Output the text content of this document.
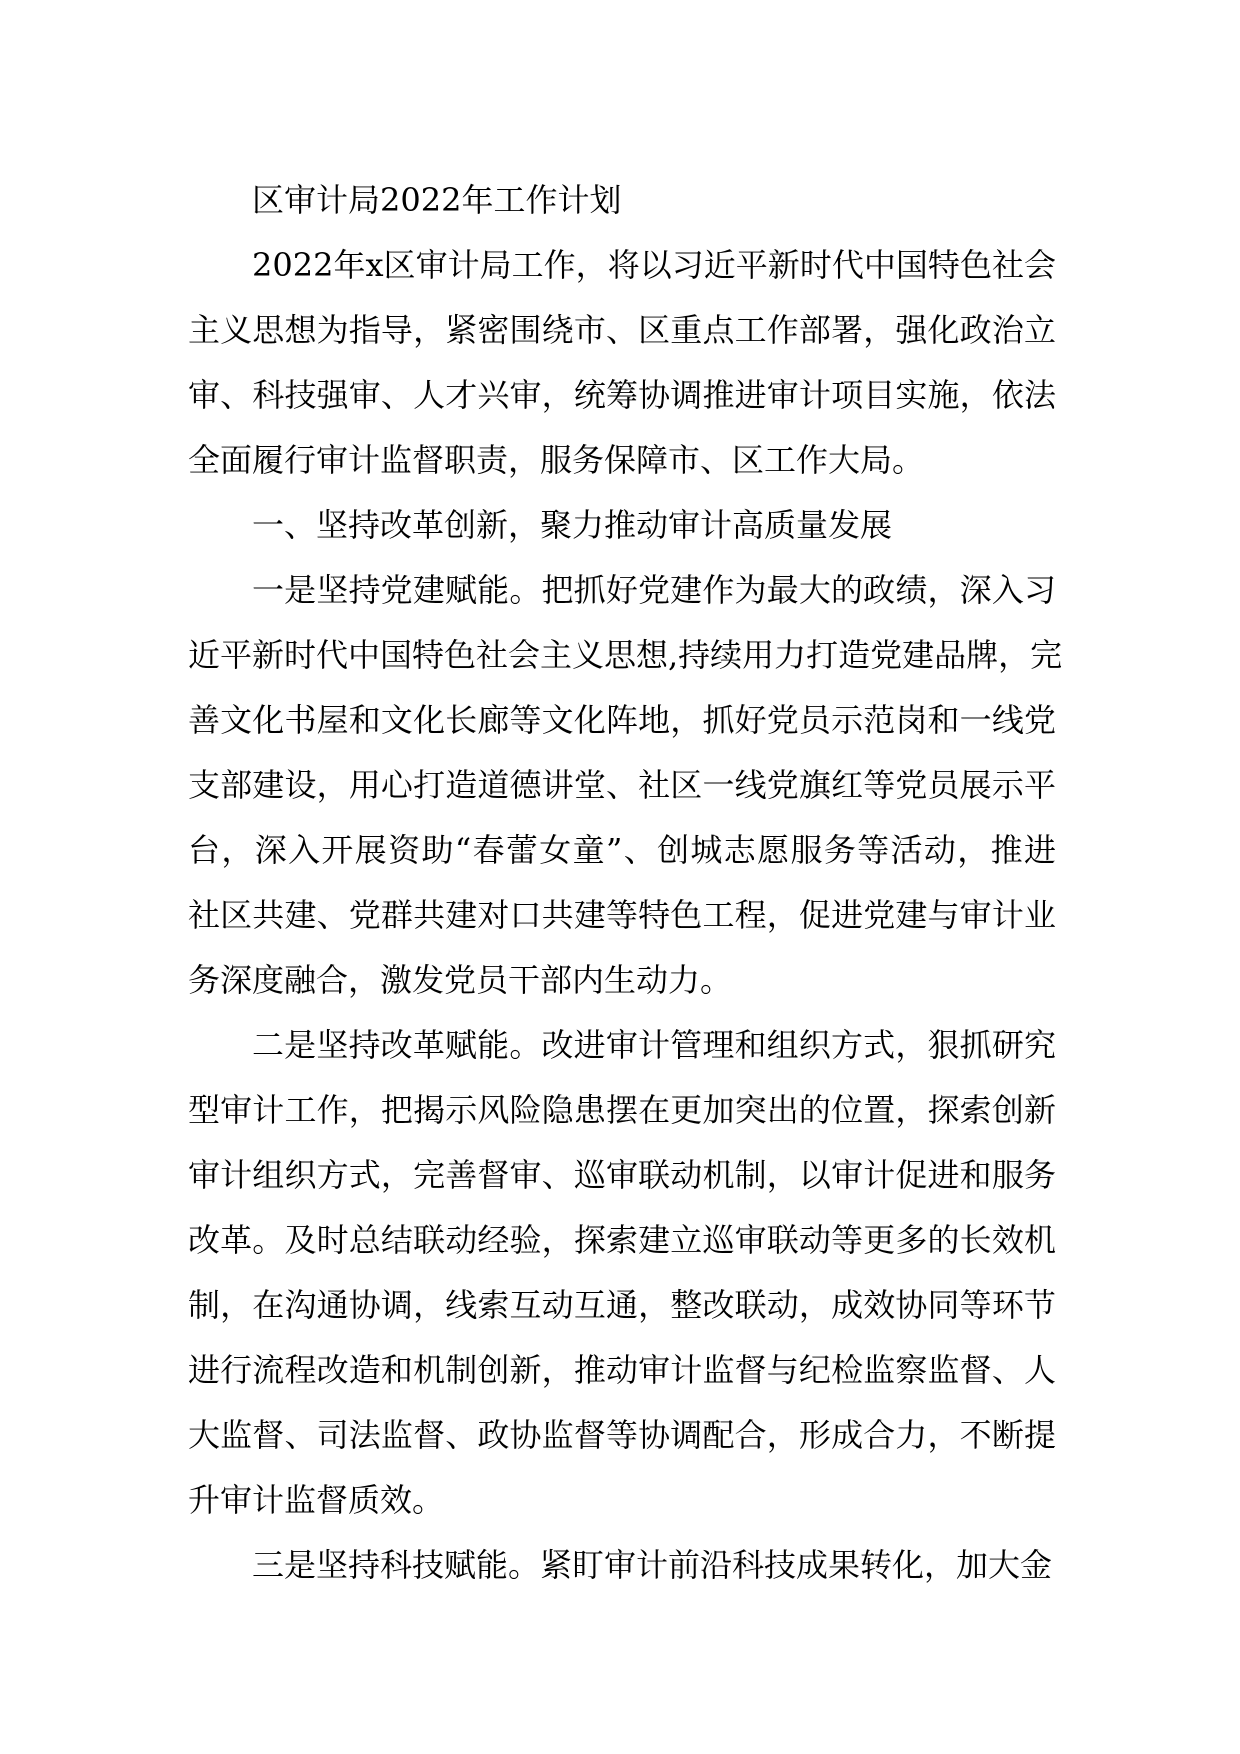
区审计局2022年工作计划
2022年x区审计局工作，将以习近平新时代中国特色社会
主义思想为指导，紧密围绕市、区重点工作部署，强化政治立
审、科技强审、人才兴审，统筹协调推进审计项目实施，依法
全面履行审计监督职责，服务保障市、区工作大局。
一、坚持改革创新，聚力推动审计高质量发展
一是坚持党建赋能。把抓好党建作为最大的政绩，深入习
近平新时代中国特色社会主义思想,持续用力打造党建品牌，完
善文化书屋和文化长廊等文化阵地，抓好党员示范岗和一线党
支部建设，用心打造道德讲堂、社区一线党旗红等党员展示平
台，深入开展资助“春蕾女童”、创城志愿服务等活动，推进
社区共建、党群共建对口共建等特色工程，促进党建与审计业
务深度融合，激发党员干部内生动力。
二是坚持改革赋能。改进审计管理和组织方式，狠抓研究
型审计工作，把揭示风险隐患摆在更加突出的位置，探索创新
审计组织方式，完善督审、巡审联动机制，以审计促进和服务
改革。及时总结联动经验，探索建立巡审联动等更多的长效机
制，在沟通协调，线索互动互通，整改联动，成效协同等环节
进行流程改造和机制创新，推动审计监督与纪检监察监督、人
大监督、司法监督、政协监督等协调配合，形成合力，不断提
升审计监督质效。
三是坚持科技赋能。紧盯审计前沿科技成果转化，加大金
